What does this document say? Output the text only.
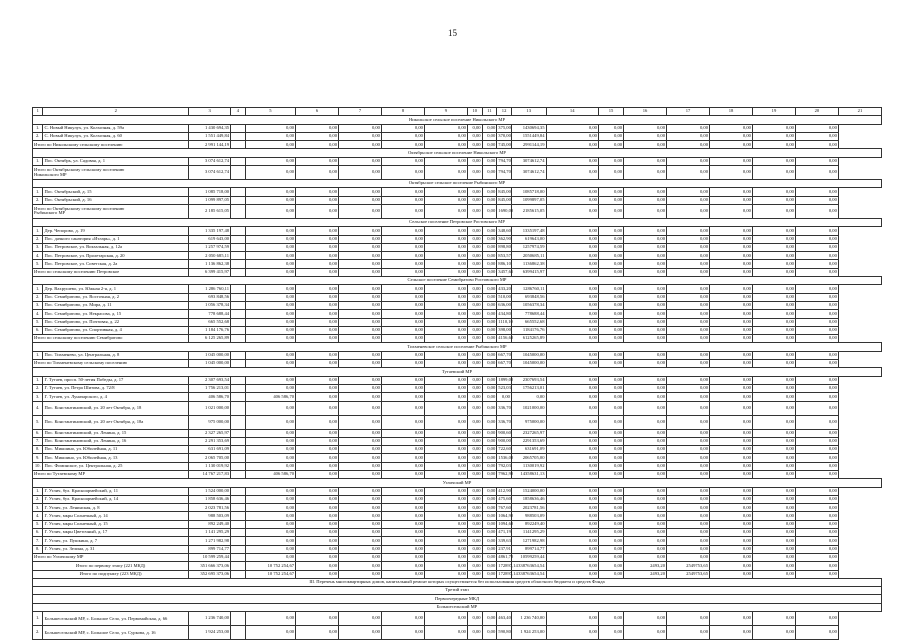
15
1	2	3	4	5	6	7	8	9	10	11	12	13	14	15	16	17	18	19	20	21
Никольское сельское поселение Никольского МР																				
1.	С. Новый Никулух, ул. Колхозная, д. 59а	1 430 694,35		0,00	0,00	0,00	0,00	0,00	0,00	0,00	375,00	1430694,35	0,00	0,00	0,00	0,00	0,00	0,00	0,00	
2.	С. Новый Никулух, ул. Колхозная, д. 60	1 551 449,84		0,00	0,00	0,00	0,00	0,00	0,00	0,00	370,00	1551449,84	0,00	0,00	0,00	0,00	0,00	0,00	0,00	
Итого по Никольскому сельскому поселению		2 991 144,19		0,00	0,00	0,00	0,00	0,00	0,00	0,00	745,00	2991144,19	0,00	0,00	0,00	0,00	0,00	0,00	0,00	
Октябрьское сельское поселение Никольского МР																				
1.	Пос. Октябрь, ул. Садовая, д. 1	3 074 612,74		0,00	0,00	0,00	0,00	0,00	0,00	0,00	794,70	3074612,74	0,00	0,00	0,00	0,00	0,00	0,00	0,00	
Итого по Октябрьскому сельскому поселению
Никольского МР		3 074 612,74		0,00	0,00	0,00	0,00	0,00	0,00	0,00	794,70	3074612,74	0,00	0,00	0,00	0,00	0,00	0,00	0,00	
Октябрьское сельское поселение Рыбинского МР																				
1.	Пос. Октябрьский, д. 15	1 085 718,00		0,00	0,00	0,00	0,00	0,00	0,00	0,00	845,00	1085718,00	0,00	0,00	0,00	0,00	0,00	0,00	0,00	
2.	Пос. Октябрьский, д. 16	1 099 897,05		0,00	0,00	0,00	0,00	0,00	0,00	0,00	845,00	1099897,05	0,00	0,00	0,00	0,00	0,00	0,00	0,00	
Итого по Октябрьскому сельскому поселению
Рыбинского МР		2 185 615,05		0,00	0,00	0,00	0,00	0,00	0,00	0,00	1690,00	2185615,05	0,00	0,00	0,00	0,00	0,00	0,00	0,00	
Сельское поселение Петровское Ростовского МР																				
1.	Дер. Чепорово, д. 19	1 335 197,48		0,00	0,00	0,00	0,00	0,00	0,00	0,00	348,60	1335197,48	0,00	0,00	0,00	0,00	0,00	0,00	0,00	
2.	Пос. дачного санатория «Итларь», д. 1	619 643,00		0,00	0,00	0,00	0,00	0,00	0,00	0,00	362,90	619643,00	0,00	0,00	0,00	0,00	0,00	0,00	0,00	
3.	Пос. Петровское, ул. Вокзальная, д. 12а	1 257 974,59		0,00	0,00	0,00	0,00	0,00	0,00	0,00	898,80	1257974,59	0,00	0,00	0,00	0,00	0,00	0,00	0,00	
4.	Пос. Петровское, ул. Пролетарская, д. 20	2 050 685,11		0,00	0,00	0,00	0,00	0,00	0,00	0,00	853,57	2050685,11	0,00	0,00	0,00	0,00	0,00	0,00	0,00	
5.	Пос. Петровское, ул. Советская, д. 2а	1 136 862,38		0,00	0,00	0,00	0,00	0,00	0,00	0,00	886,10	1136862,38	0,00	0,00	0,00	0,00	0,00	0,00	0,00	
Итого по сельскому поселению Петровское		6 399 415,97		0,00	0,00	0,00	0,00	0,00	0,00	0,00	3457,65	6399415,97	0,00	0,00	0,00	0,00	0,00	0,00	0,00	
Сельское поселение Семибратово Ростовского МР																				
1.	Дер. Вахрушево, ул. Южная 2-я, д. 1	1 286 760,11		0,00	0,00	0,00	0,00	0,00	0,00	0,00	433,20	1286760,11	0,00	0,00	0,00	0,00	0,00	0,00	0,00	
2.	Пос. Семибратово, ул. Восточная, д. 2	693 848,56		0,00	0,00	0,00	0,00	0,00	0,00	0,00	510,00	693848,56	0,00	0,00	0,00	0,00	0,00	0,00	0,00	
3.	Пос. Семибратово, ул. Мира, д. 11	1 056 378,34		0,00	0,00	0,00	0,00	0,00	0,00	0,00	636,00	1056378,34	0,00	0,00	0,00	0,00	0,00	0,00	0,00	
4.	Пос. Семибратово, ул. Некрасова, д. 15	778 688,44		0,00	0,00	0,00	0,00	0,00	0,00	0,00	434,80	778688,44	0,00	0,00	0,00	0,00	0,00	0,00	0,00	
5.	Пос. Семибратово, ул. Почтовая, д. 22	665 552,68		0,00	0,00	0,00	0,00	0,00	0,00	0,00	1110,10	665552,68	0,00	0,00	0,00	0,00	0,00	0,00	0,00	
6.	Пос. Семибратово, ул. Спортивная, д. 4	1 184 176,76		0,00	0,00	0,00	0,00	0,00	0,00	0,00	398,00	1184176,76	0,00	0,00	0,00	0,00	0,00	0,00	0,00	
Итого по сельскому поселению Семибратово		6 125 265,89		0,00	0,00	0,00	0,00	0,00	0,00	0,00	4156,60	6125265,89	0,00	0,00	0,00	0,00	0,00	0,00	0,00	
Тихменевское сельское поселение Рыбинского МР																				
1.	Пос. Тихменево, ул. Центральная, д. 8	1 045 000,00		0,00	0,00	0,00	0,00	0,00	0,00	0,00	667,70	1045000,00	0,00	0,00	0,00	0,00	0,00	0,00	0,00	
Итого по Тихменевскому сельскому поселению		1 045 000,00		0,00	0,00	0,00	0,00	0,00	0,00	0,00	667,70	1045000,00	0,00	0,00	0,00	0,00	0,00	0,00	0,00	
Тутаевский МР																				
1.	Г. Тутаев, просп. 50-летия Победы, д. 17	2 307 693,54		0,00	0,00	0,00	0,00	0,00	0,00	0,00	1899,00	2307693,54	0,00	0,00	0,00	0,00	0,00	0,00	0,00	
2.	Г. Тутаев, ул. Петра Шитова, д. 72/8	1 756 213,01		0,00	0,00	0,00	0,00	0,00	0,00	0,00	523,03	1756213,01	0,00	0,00	0,00	0,00	0,00	0,00	0,00	
3.	Г. Тутаев, ул. Луначарского, д. 4	406 586,70		406 586,70	0,00	0,00	0,00	0,00	0,00	0,00	0,00	0,00	0,00	0,00	0,00	0,00	0,00	0,00	0,00	
4.	Пос. Константиновский, ул. 20 лет Октября, д. 18	1 021 000,00		0,00	0,00	0,00	0,00	0,00	0,00	0,00	336,70	1021000,00	0,00	0,00	0,00	0,00	0,00	0,00	0,00	
5.	Пос. Константиновский, ул. 20 лет Октября, д. 18а	975 000,00		0,00	0,00	0,00	0,00	0,00	0,00	0,00	336,70	975000,00	0,00	0,00	0,00	0,00	0,00	0,00	0,00	
6.	Пос. Константиновский, ул. Ленина, д. 15	2 327 265,97		0,00	0,00	0,00	0,00	0,00	0,00	0,00	900,60	2327265,97	0,00	0,00	0,00	0,00	0,00	0,00	0,00	
7.	Пос. Константиновский, ул. Ленина, д. 16	2 291 353,69		0,00	0,00	0,00	0,00	0,00	0,00	0,00	900,00	2291353,69	0,00	0,00	0,00	0,00	0,00	0,00	0,00	
8.	Пос. Микшино, ул. Юбилейная, д. 11	631 691,09		0,00	0,00	0,00	0,00	0,00	0,00	0,00	722,60	631691,09	0,00	0,00	0,00	0,00	0,00	0,00	0,00	
9.	Пос. Микшино, ул. Юбилейная, д. 13	2 065 705,00		0,00	0,00	0,00	0,00	0,00	0,00	0,00	1536,00	2065705,00	0,00	0,00	0,00	0,00	0,00	0,00	0,00	
10.	Пос. Фоминское, ул. Центральная, д. 25	1 130 019,92		0,00	0,00	0,00	0,00	0,00	0,00	0,00	792,03	1130019,92	0,00	0,00	0,00	0,00	0,00	0,00	0,00	
Итого по Тутаевскому МР		14 767 217,83		406 586,70	0,00	0,00	0,00	0,00	0,00	0,00	7962,90	14358631,13	0,00	0,00	0,00	0,00	0,00	0,00	0,00	
Угличский МР																				
1.	Г. Углич, бул. Красноармейский, д. 11	1 524 000,00		0,00	0,00	0,00	0,00	0,00	0,00	0,00	412,90	1524000,00	0,00	0,00	0,00	0,00	0,00	0,00	0,00	
2.	Г. Углич, бул. Красноармейский, д. 14	1 858 636,46		0,00	0,00	0,00	0,00	0,00	0,00	0,00	475,60	1858636,46	0,00	0,00	0,00	0,00	0,00	0,00	0,00	
3.	Г. Углич, ул. Ленинская, д. 8	2 023 781,56		0,00	0,00	0,00	0,00	0,00	0,00	0,00	767,60	2023781,56	0,00	0,00	0,00	0,00	0,00	0,00	0,00	
4.	Г. Углич, мкрн Солнечный, д. 14	988 503,09		0,00	0,00	0,00	0,00	0,00	0,00	0,00	1064,90	988503,09	0,00	0,00	0,00	0,00	0,00	0,00	0,00	
5.	Г. Углич, мкрн Солнечный, д. 15	892 249,40		0,00	0,00	0,00	0,00	0,00	0,00	0,00	1094,60	892249,40	0,00	0,00	0,00	0,00	0,00	0,00	0,00	
6.	Г. Углич, мкрн Цветочный, д. 17	1 141 295,29		0,00	0,00	0,00	0,00	0,00	0,00	0,00	471,19	1141295,29	0,00	0,00	0,00	0,00	0,00	0,00	0,00	
7.	Г. Углич, ул. Пушкина, д. 7	1 271 982,98		0,00	0,00	0,00	0,00	0,00	0,00	0,00	339,63	1271982,98	0,00	0,00	0,00	0,00	0,00	0,00	0,00	
8.	Г. Углич, ул. Зелина, д. 31	899 714,77		0,00	0,00	0,00	0,00	0,00	0,00	0,00	237,91	899714,77	0,00	0,00	0,00	0,00	0,00	0,00	0,00	
Итого по Угличскому МР		10 599 259,44		0,00	0,00	0,00	0,00	0,00	0,00	0,00	4861,70	10599259,44	0,00	0,00	0,00	0,00	0,00	0,00	0,00	
Итого по первому этапу (221 МКД)		351 666 373,06		10 752 254,67	0,00	0,00	0,00	0,00	0,00	0,00	172897,14	338763654,54	0,00	0,00	2493,20	2549753,65	0,00	0,00	0,00	
Итого по подпункту (223 МКД)		352 695 373,06		10 752 254,67	0,00	0,00	0,00	0,00	0,00	0,00	172897,14	338763654,54	0,00	0,00	2493,20	2549753,65	0,00	0,00	0,00	
III. Перечень многоквартирных домов, капитальный ремонт которых осуществляется без использования средств областного бюджета и средств Фонда																				
Третий этап																				
Первоочередные МКД																				
Большесельский МР																				
1.	Большесельский МР, с. Большое Село, ул. Первомайская, д. 66	1 236 740,00		0,00	0,00	0,00	0,00	0,00	0,00	0,00	463,40	1 236 740,00	0,00	0,00	0,00	0,00	0,00	0,00	0,00	
2.	Большесельский МР, с. Большое Село, ул. Суркова, д. 16	1 924 253,00		0,00	0,00	0,00	0,00	0,00	0,00	0,00	590,80	1 924 253,00	0,00	0,00	0,00	0,00	0,00	0,00	0,00	
